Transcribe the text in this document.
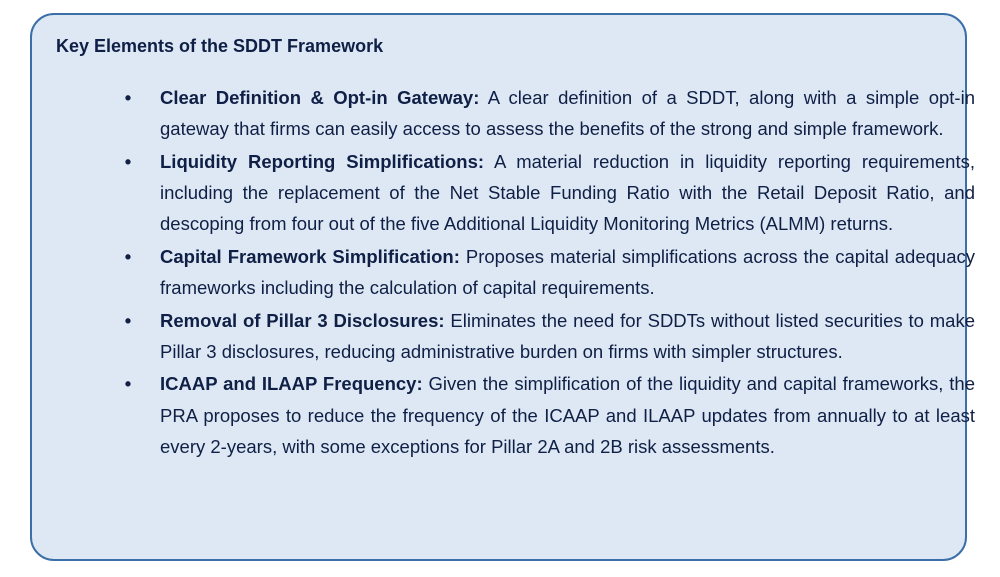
Key Elements of the SDDT Framework
• Clear Definition & Opt-in Gateway: A clear definition of a SDDT, along with a simple opt-in gateway that firms can easily access to assess the benefits of the strong and simple framework.
• Liquidity Reporting Simplifications: A material reduction in liquidity reporting requirements, including the replacement of the Net Stable Funding Ratio with the Retail Deposit Ratio, and descoping from four out of the five Additional Liquidity Monitoring Metrics (ALMM) returns.
• Capital Framework Simplification: Proposes material simplifications across the capital adequacy frameworks including the calculation of capital requirements.
• Removal of Pillar 3 Disclosures: Eliminates the need for SDDTs without listed securities to make Pillar 3 disclosures, reducing administrative burden on firms with simpler structures.
• ICAAP and ILAAP Frequency: Given the simplification of the liquidity and capital frameworks, the PRA proposes to reduce the frequency of the ICAAP and ILAAP updates from annually to at least every 2-years, with some exceptions for Pillar 2A and 2B risk assessments.
